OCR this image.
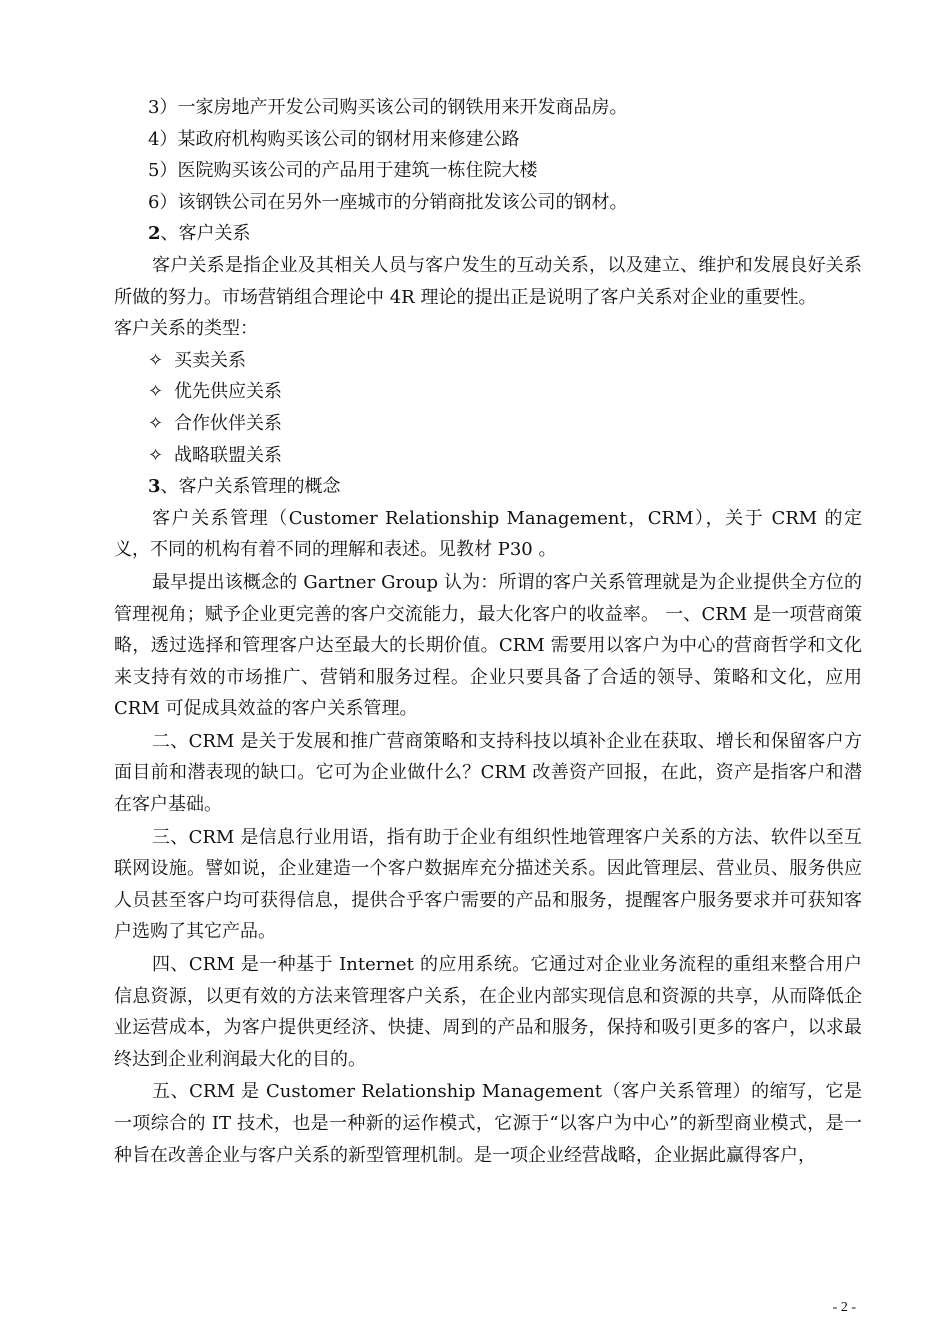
3）一家房地产开发公司购买该公司的钢铁用来开发商品房。

4）某政府机构购买该公司的钢材用来修建公路

5）医院购买该公司的产品用于建筑一栋住院大楼

6）该钢铁公司在另外一座城市的分销商批发该公司的钢材。

2、客户关系

客户关系是指企业及其相关人员与客户发生的互动关系，以及建立、维护和发展良好关系所做的努力。市场营销组合理论中 4R 理论的提出正是说明了客户关系对企业的重要性。

客户关系的类型：

✧ 买卖关系

✧ 优先供应关系

✧ 合作伙伴关系

✧ 战略联盟关系

3、客户关系管理的概念

客户关系管理（Customer Relationship Management，CRM），关于 CRM 的定义，不同的机构有着不同的理解和表述。见教材 P30 。

最早提出该概念的 Gartner Group 认为：所谓的客户关系管理就是为企业提供全方位的管理视角；赋予企业更完善的客户交流能力，最大化客户的收益率。 一、CRM 是一项营商策略，透过选择和管理客户达至最大的长期价值。CRM 需要用以客户为中心的营商哲学和文化来支持有效的市场推广、营销和服务过程。企业只要具备了合适的领导、策略和文化，应用 CRM 可促成具效益的客户关系管理。

二、CRM 是关于发展和推广营商策略和支持科技以填补企业在获取、增长和保留客户方面目前和潜表现的缺口。它可为企业做什么？CRM 改善资产回报，在此，资产是指客户和潜在客户基础。

三、CRM 是信息行业用语，指有助于企业有组织性地管理客户关系的方法、软件以至互联网设施。譬如说，企业建造一个客户数据库充分描述关系。因此管理层、营业员、服务供应人员甚至客户均可获得信息，提供合乎客户需要的产品和服务，提醒客户服务要求并可获知客户选购了其它产品。

四、CRM 是一种基于 Internet 的应用系统。它通过对企业业务流程的重组来整合用户信息资源，以更有效的方法来管理客户关系，在企业内部实现信息和资源的共享，从而降低企业运营成本，为客户提供更经济、快捷、周到的产品和服务，保持和吸引更多的客户，以求最终达到企业利润最大化的目的。

五、CRM 是 Customer Relationship Management（客户关系管理）的缩写，它是一项综合的 IT 技术，也是一种新的运作模式，它源于“以客户为中心”的新型商业模式，是一种旨在改善企业与客户关系的新型管理机制。是一项企业经营战略，企业据此赢得客户，

- 2 -
